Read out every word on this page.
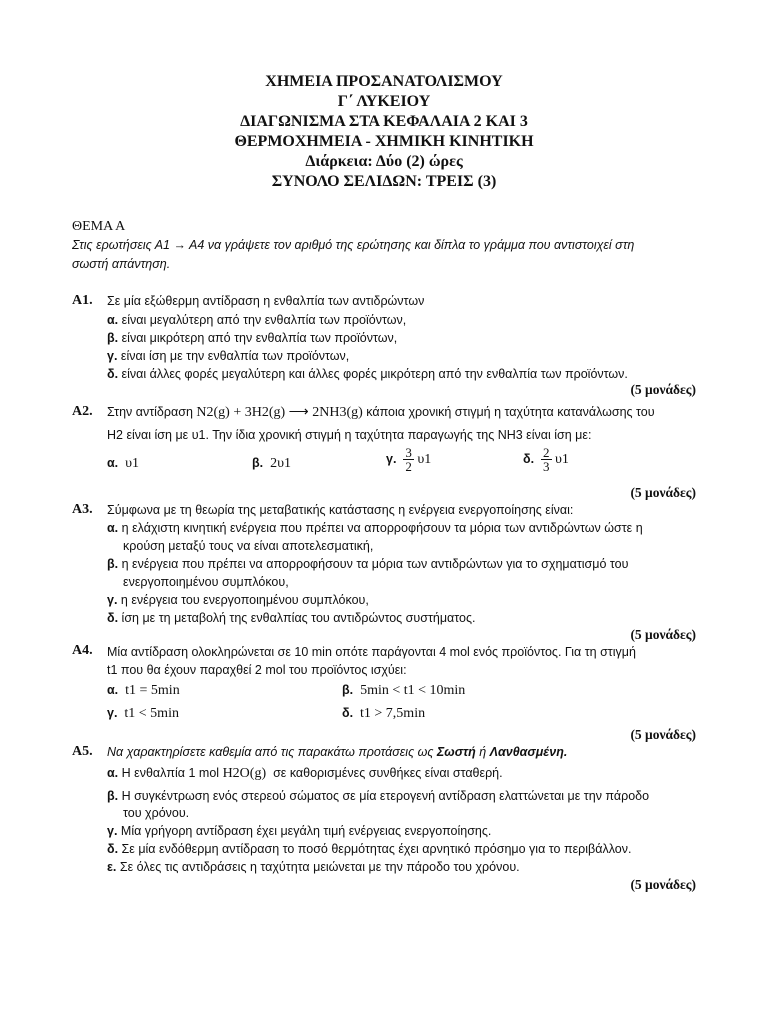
ΧΗΜΕΙΑ ΠΡΟΣΑΝΑΤΟΛΙΣΜΟΥ
Γ΄ ΛΥΚΕΙΟΥ
ΔΙΑΓΩΝΙΣΜΑ ΣΤΑ ΚΕΦΑΛΑΙΑ 2 ΚΑΙ 3
ΘΕΡΜΟΧΗΜΕΙΑ - ΧΗΜΙΚΗ ΚΙΝΗΤΙΚΗ
Διάρκεια: Δύο (2) ώρες
ΣΥΝΟΛΟ ΣΕΛΙΔΩΝ: ΤΡΕΙΣ (3)
ΘΕΜΑ Α
Στις ερωτήσεις Α1 → Α4 να γράψετε τον αριθμό της ερώτησης και δίπλα το γράμμα που αντιστοιχεί στη
σωστή απάντηση.
Α1. Σε μία εξώθερμη αντίδραση η ενθαλπία των αντιδρώντων
α. είναι μεγαλύτερη από την ενθαλπία των προϊόντων,
β. είναι μικρότερη από την ενθαλπία των προϊόντων,
γ. είναι ίση με την ενθαλπία των προϊόντων,
δ. είναι άλλες φορές μεγαλύτερη και άλλες φορές μικρότερη από την ενθαλπία των προϊόντων.
(5 μονάδες)
Α2. Στην αντίδραση N2(g) + 3H2(g) ⟶ 2NH3(g) κάποια χρονική στιγμή η ταχύτητα κατανάλωσης του
H2 είναι ίση με υ1. Την ίδια χρονική στιγμή η ταχύτητα παραγωγής της NH3 είναι ίση με:
α. υ1	β. 2υ1	γ. $\frac{3}{2} \upsilon 1$	δ. $\frac{2}{3} \upsilon 1$
(5 μονάδες)
Α3. Σύμφωνα με τη θεωρία της μεταβατικής κατάστασης η ενέργεια ενεργοποίησης είναι:
α. η ελάχιστη κινητική ενέργεια που πρέπει να απορροφήσουν τα μόρια των αντιδρώντων ώστε η
κρούση μεταξύ τους να είναι αποτελεσματική,
β. η ενέργεια που πρέπει να απορροφήσουν τα μόρια των αντιδρώντων για το σχηματισμό του
ενεργοποιημένου συμπλόκου,
γ. η ενέργεια του ενεργοποιημένου συμπλόκου,
δ. ίση με τη μεταβολή της ενθαλπίας του αντιδρώντος συστήματος.
(5 μονάδες)
Α4. Μία αντίδραση ολοκληρώνεται σε 10 min οπότε παράγονται 4 mol ενός προϊόντος. Για τη στιγμή
t1 που θα έχουν παραχθεί 2 mol του προϊόντος ισχύει:
α. t1 = 5min	β. 5min < t1 < 10min
γ. t1 < 5min	δ. t1 > 7,5min
(5 μονάδες)
Α5. Να χαρακτηρίσετε καθεμία από τις παρακάτω προτάσεις ως Σωστή ή Λανθασμένη.
α. Η ενθαλπία 1 mol H2O(g) σε καθορισμένες συνθήκες είναι σταθερή.
β. Η συγκέντρωση ενός στερεού σώματος σε μία ετερογενή αντίδραση ελαττώνεται με την πάροδο
του χρόνου.
γ. Μία γρήγορη αντίδραση έχει μεγάλη τιμή ενέργειας ενεργοποίησης.
δ. Σε μία ενδόθερμη αντίδραση το ποσό θερμότητας έχει αρνητικό πρόσημο για το περιβάλλον.
ε. Σε όλες τις αντιδράσεις η ταχύτητα μειώνεται με την πάροδο του χρόνου.
(5 μονάδες)
